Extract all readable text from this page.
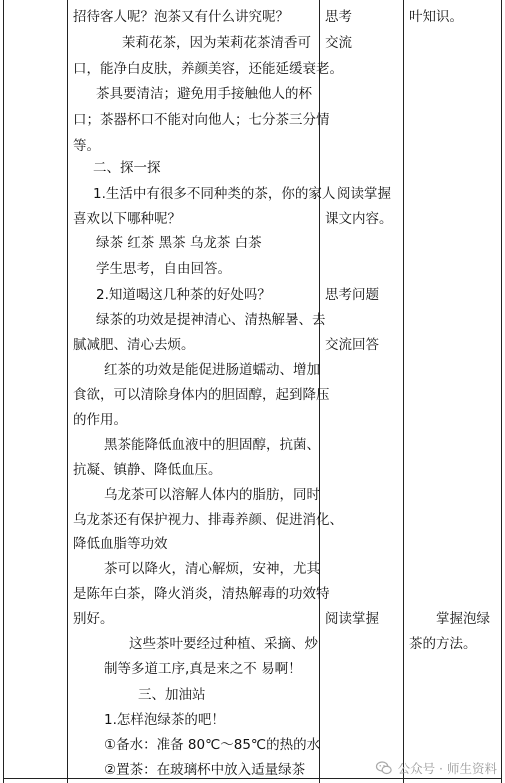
招待客人呢？泡茶又有什么讲究呢？
茉莉花茶，因为茉莉花茶清香可
口，能净白皮肤，养颜美容，还能延缓衰老。
茶具要清洁；避免用手接触他人的杯
口；茶器杯口不能对向他人；七分茶三分情
等。
二、探一探
1.生活中有很多不同种类的茶，你的家人
喜欢以下哪种呢？
绿茶 红茶 黑茶 乌龙茶 白茶
学生思考，自由回答。
2.知道喝这几种茶的好处吗？
绿茶的功效是提神清心、清热解暑、去
腻减肥、清心去烦。
红茶的功效是能促进肠道蠕动、增加
食欲，可以清除身体内的胆固醇，起到降压
的作用。
黑茶能降低血液中的胆固醇，抗菌、
抗凝、镇静、降低血压。
乌龙茶可以溶解人体内的脂肪，同时
乌龙茶还有保护视力、排毒养颜、促进消化、
降低血脂等功效
茶可以降火，清心解烦，安神，尤其
是陈年白茶，降火消炎，清热解毒的功效特
别好。
这些茶叶要经过种植、采摘、炒
制等多道工序,真是来之不 易啊！
三、加油站
1.怎样泡绿茶的吧！
①备水：准备 80℃～85℃的热的水
②置茶：在玻璃杯中放入适量绿茶
思考
交流
阅读掌握
课文内容。
思考问题
交流回答
阅读掌握
叶知识。
掌握泡绿
茶的方法。
公众号 · 师生资料
